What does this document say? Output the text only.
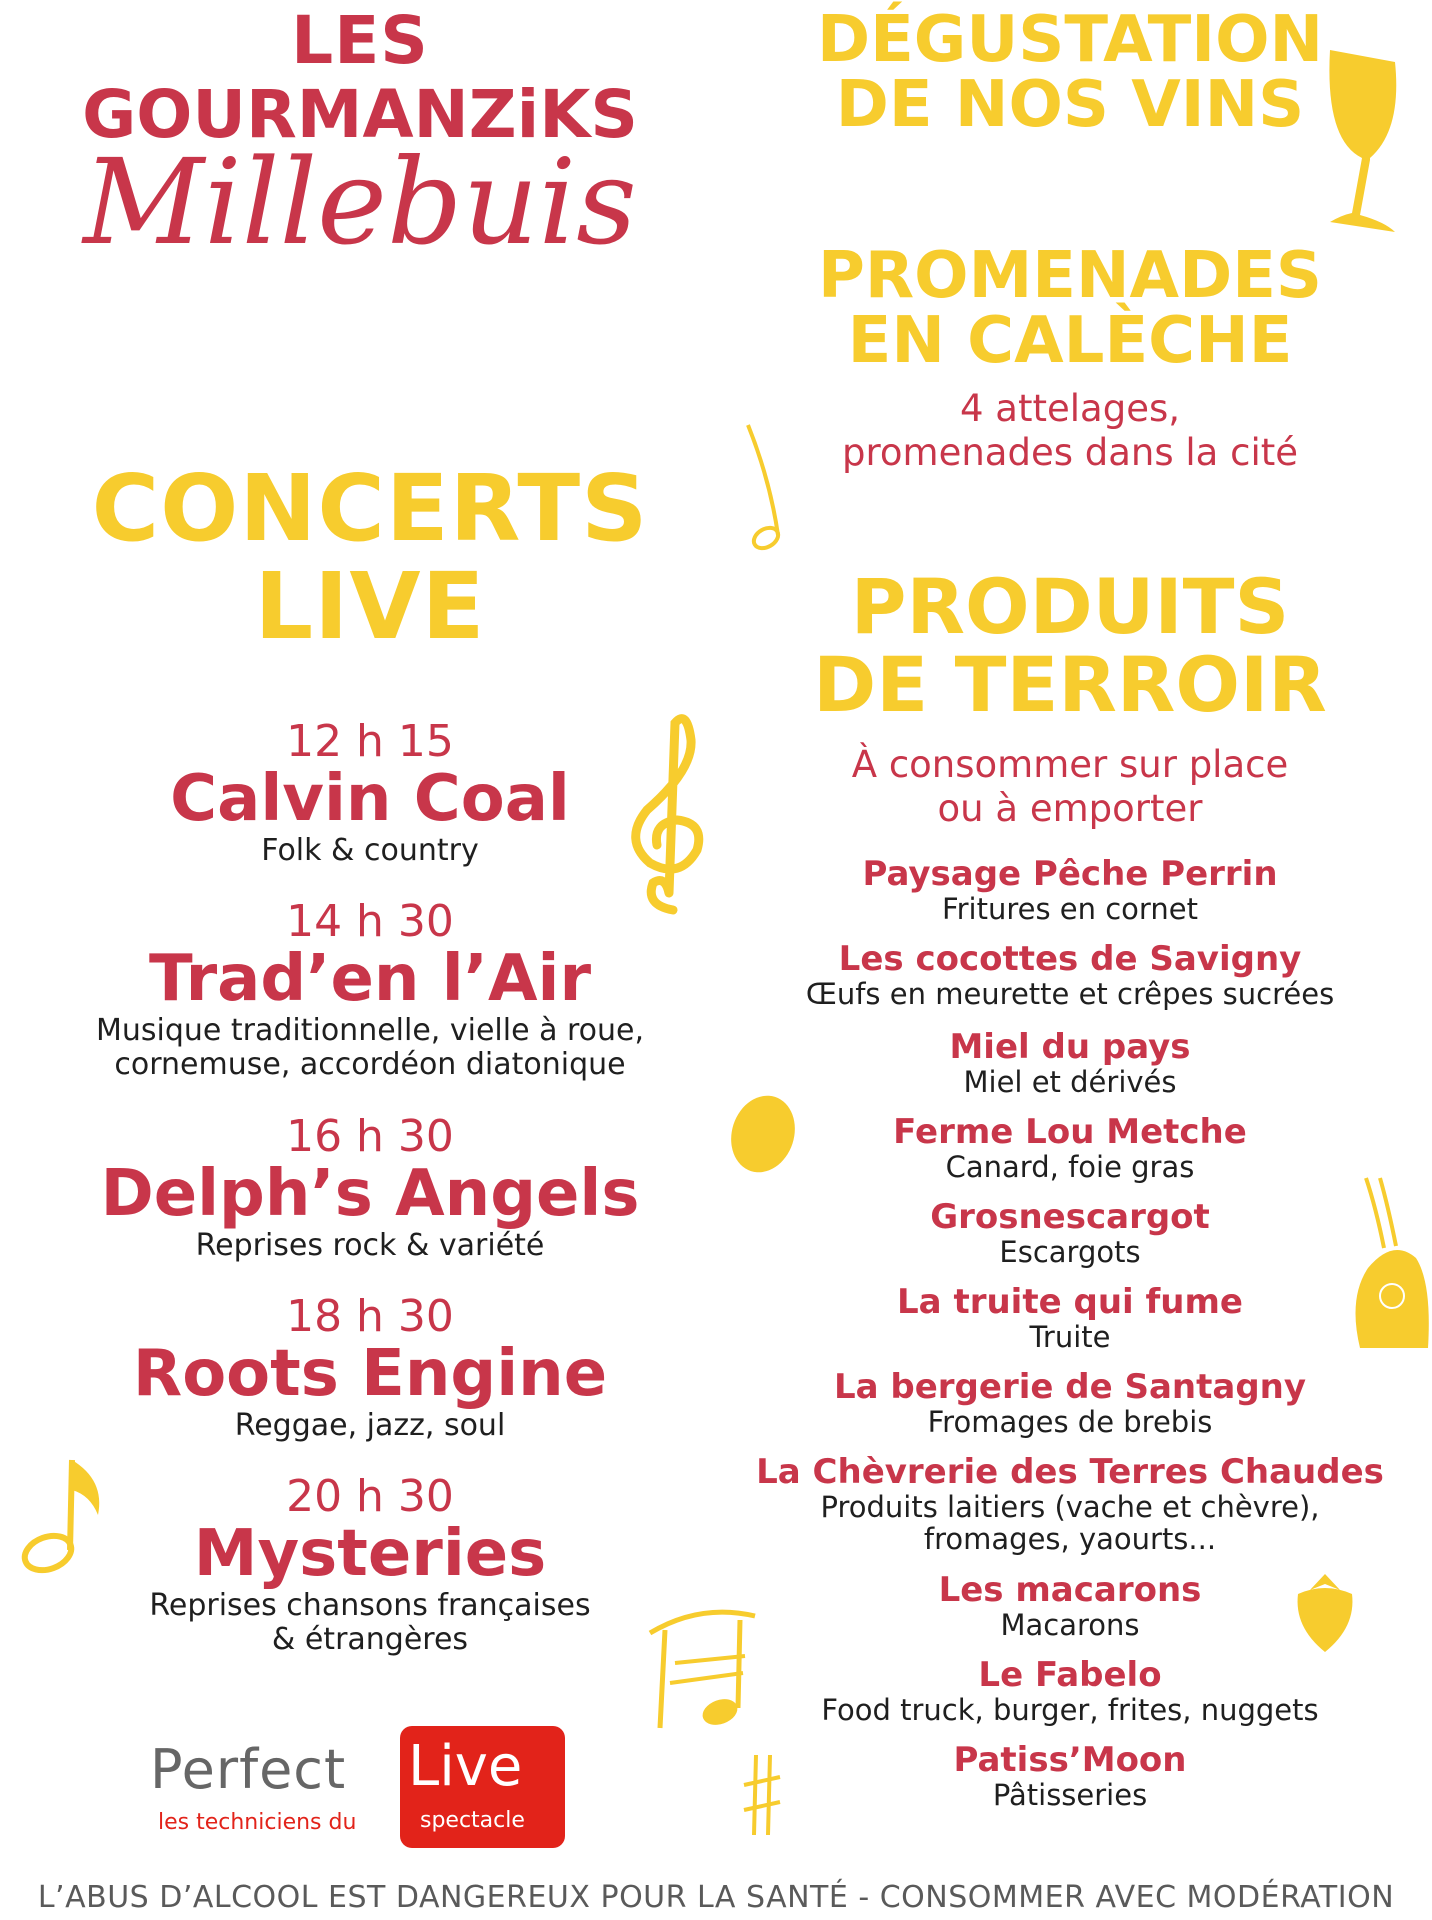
LES
GOURMANZiKS
Millebuis
CONCERTS
LIVE
12 h 15
Calvin Coal
Folk & country
14 h 30
Trad’en l’Air
Musique traditionnelle, vielle à roue,
cornemuse, accordéon diatonique
16 h 30
Delph’s Angels
Reprises rock & variété
18 h 30
Roots Engine
Reggae, jazz, soul
20 h 30
Mysteries
Reprises chansons françaises
& étrangères
DÉGUSTATION
DE NOS VINS
PROMENADES
EN CALÈCHE
4 attelages,
promenades dans la cité
PRODUITS
DE TERROIR
À consommer sur place
ou à emporter
Paysage Pêche Perrin
Fritures en cornet
Les cocottes de Savigny
Œufs en meurette et crêpes sucrées
Miel du pays
Miel et dérivés
Ferme Lou Metche
Canard, foie gras
Grosnescargot
Escargots
La truite qui fume
Truite
La bergerie de Santagny
Fromages de brebis
La Chèvrerie des Terres Chaudes
Produits laitiers (vache et chèvre),
fromages, yaourts...
Les macarons
Macarons
Le Fabelo
Food truck, burger, frites, nuggets
Patiss’Moon
Pâtisseries
Perfect Live
les techniciens du	spectacle
L’ABUS D’ALCOOL EST DANGEREUX POUR LA SANTÉ - CONSOMMER AVEC MODÉRATION
